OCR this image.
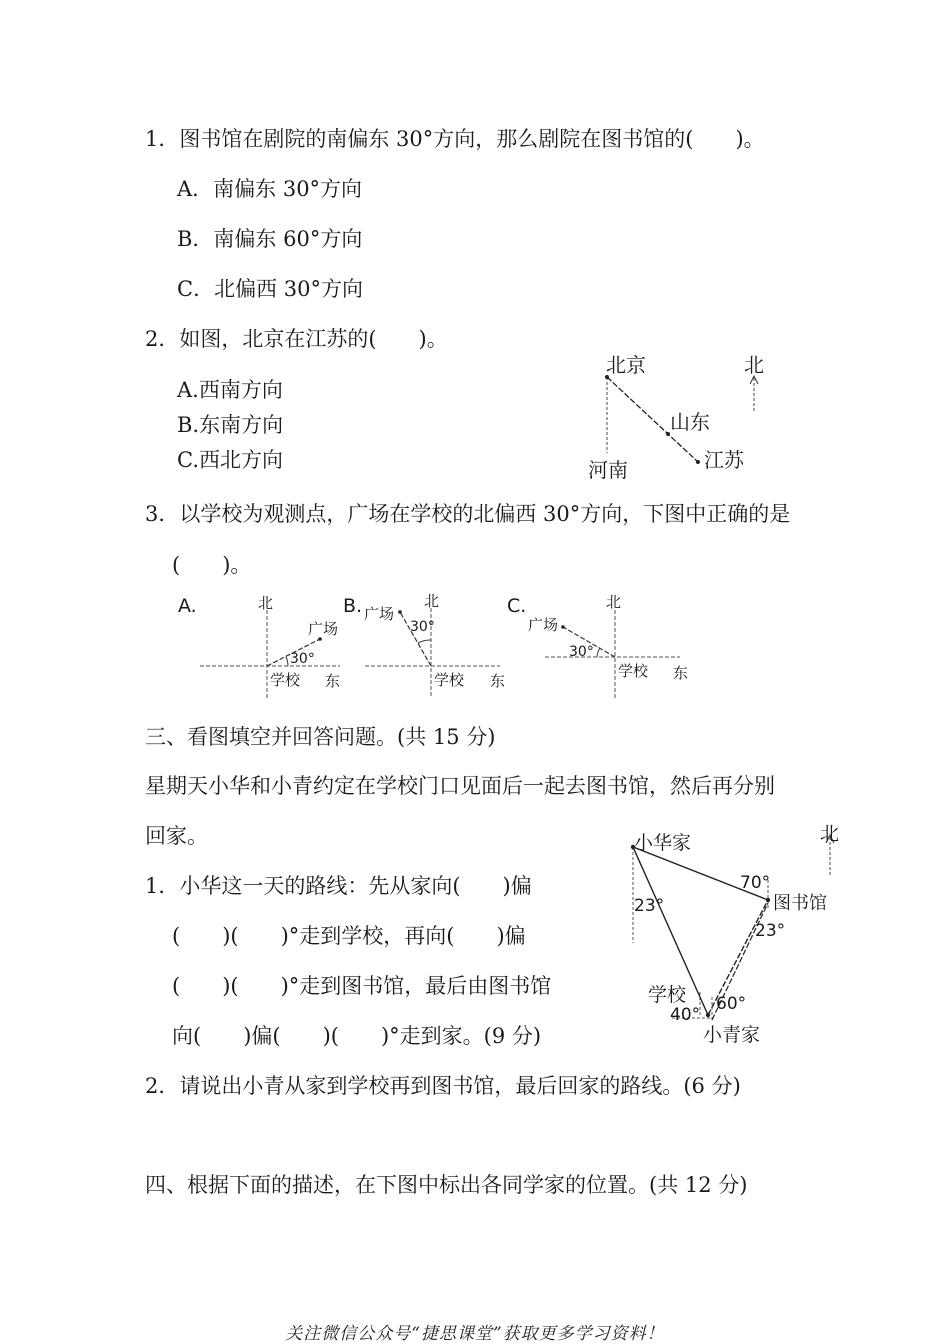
1．图书馆在剧院的南偏东 30°方向，那么剧院在图书馆的(　　)。
A．南偏东 30°方向
B．南偏东 60°方向
C．北偏西 30°方向
2．如图，北京在江苏的(　　)。
A.西南方向
B.东南方向
C.西北方向
北京	北
山东
江苏
河南
3．以学校为观测点，广场在学校的北偏西 30°方向，下图中正确的是
(　　)。
A.	北
广场
30°
学校 东
B.	北
广场
30°
学校 东
C.	北
广场
30°
学校 东
三、看图填空并回答问题。(共 15 分)
星期天小华和小青约定在学校门口见面后一起去图书馆，然后再分别
回家。
1．小华这一天的路线：先从家向(　　)偏
(　　)(　　)°走到学校，再向(　　)偏
(　　)(　　)°走到图书馆，最后由图书馆
向(　　)偏(　　)(　　)°走到家。(9 分)
2．请说出小青从家到学校再到图书馆，最后回家的路线。(6 分)
小华家	北
70°
图书馆
23°
23°
学校 60°
40°
小青家
四、根据下面的描述，在下图中标出各同学家的位置。(共 12 分)
关注微信公众号“捷思课堂”获取更多学习资料！
